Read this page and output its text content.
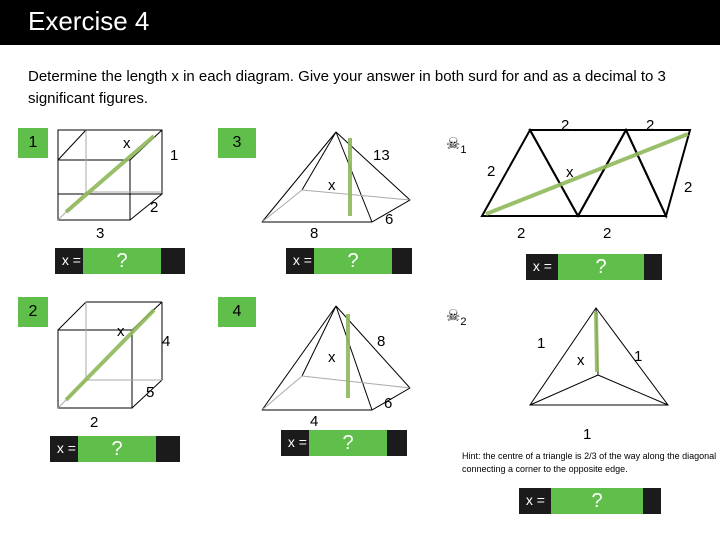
Exercise 4
Determine the length x in each diagram. Give your answer in both surd for and as a decimal to 3 significant figures.
1
2
3
4
$☠_1$
$☠_2$
x
1
2
3
x
4
5
2
x
13
6
8
x
8
6
4
x
2	2
2
2
2	2
x
1
1
1
x =	?
x =	?
x =	?
x =	?
x =	?
x =	?
Hint: the centre of a triangle is 2/3 of the way along the diagonal connecting a corner to the opposite edge.
